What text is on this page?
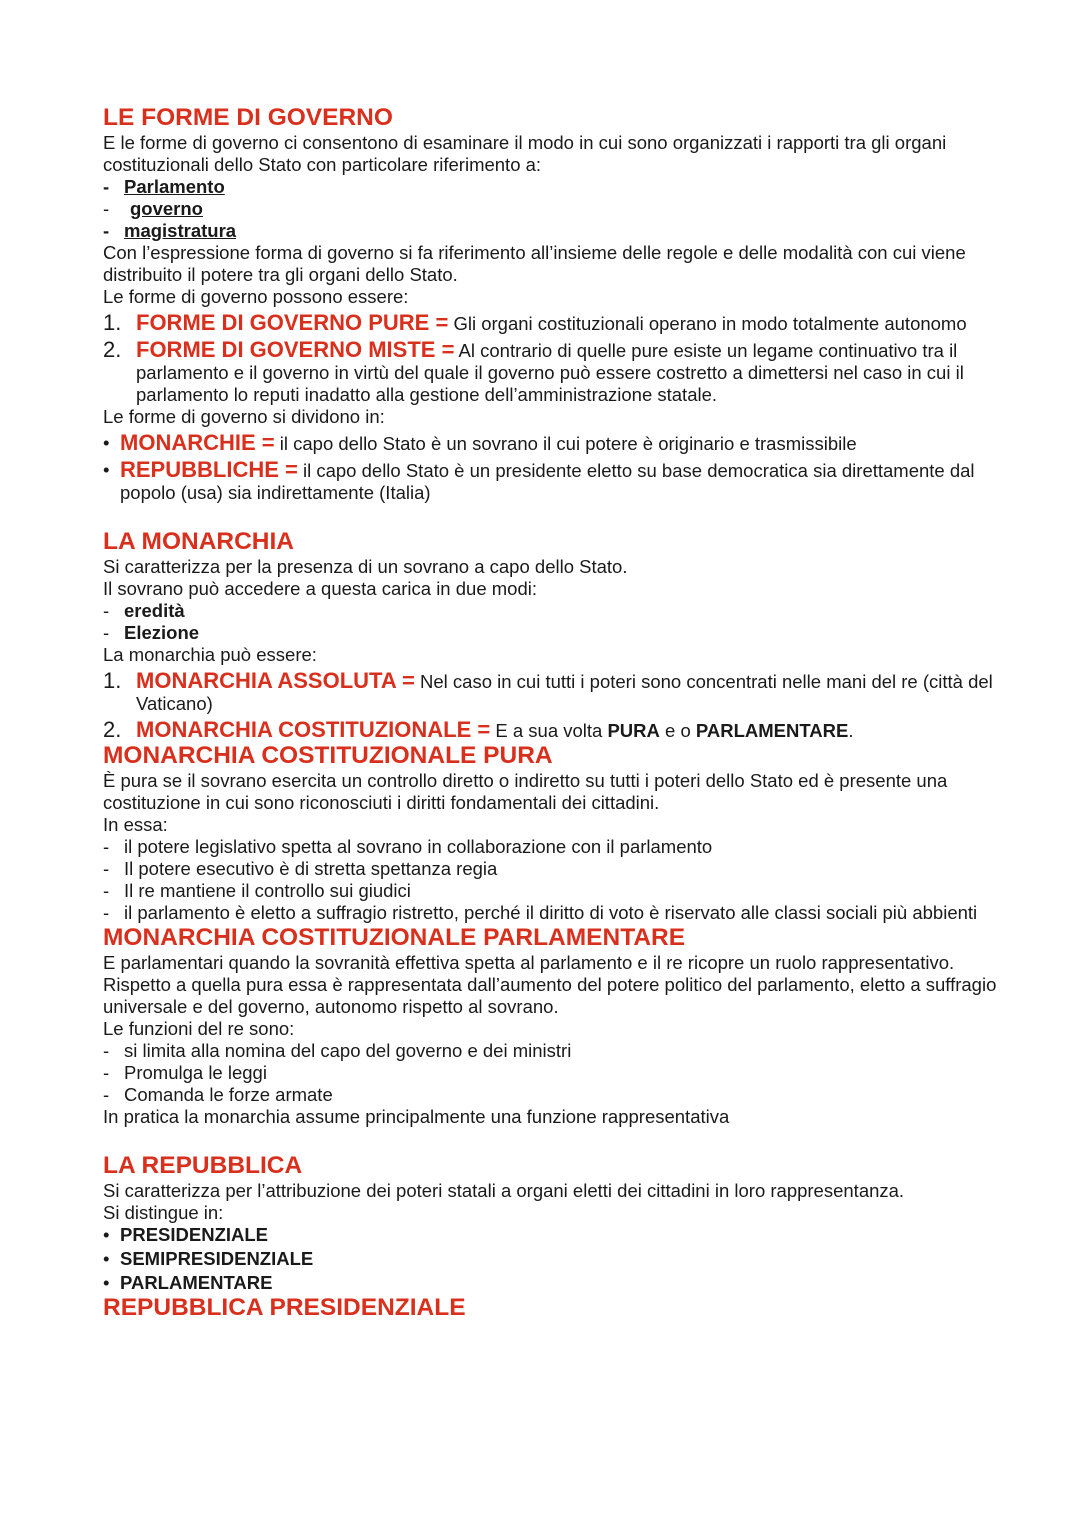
LE FORME DI GOVERNO
E le forme di governo ci consentono di esaminare il modo in cui sono organizzati i rapporti tra gli organi costituzionali dello Stato con particolare riferimento a:
- Parlamento
-	governo
- magistratura
Con l’espressione forma di governo si fa riferimento all’insieme delle regole e delle modalità con cui viene distribuito il potere tra gli organi dello Stato.
Le forme di governo possono essere:
1. FORME DI GOVERNO PURE = Gli organi costituzionali operano in modo totalmente autonomo
2. FORME DI GOVERNO MISTE = Al contrario di quelle pure esiste un legame continuativo tra il parlamento e il governo in virtù del quale il governo può essere costretto a dimettersi nel caso in cui il parlamento lo reputi inadatto alla gestione dell’amministrazione statale.
Le forme di governo si dividono in:
• MONARCHIE = il capo dello Stato è un sovrano il cui potere è originario e trasmissibile
• REPUBBLICHE = il capo dello Stato è un presidente eletto su base democratica sia direttamente dal popolo (usa) sia indirettamente (Italia)
LA MONARCHIA
Si caratterizza per la presenza di un sovrano a capo dello Stato.
Il sovrano può accedere a questa carica in due modi:
- eredità
- Elezione
La monarchia può essere:
1. MONARCHIA ASSOLUTA = Nel caso in cui tutti i poteri sono concentrati nelle mani del re (città del Vaticano)
2. MONARCHIA COSTITUZIONALE = E a sua volta PURA e o PARLAMENTARE.
MONARCHIA COSTITUZIONALE PURA
È pura se il sovrano esercita un controllo diretto o indiretto su tutti i poteri dello Stato ed è presente una costituzione in cui sono riconosciuti i diritti fondamentali dei cittadini.
In essa:
- il potere legislativo spetta al sovrano in collaborazione con il parlamento
- Il potere esecutivo è di stretta spettanza regia
- Il re mantiene il controllo sui giudici
- il parlamento è eletto a suffragio ristretto, perché il diritto di voto è riservato alle classi sociali più abbienti
MONARCHIA COSTITUZIONALE PARLAMENTARE
E parlamentari quando la sovranità effettiva spetta al parlamento e il re ricopre un ruolo rappresentativo.
Rispetto a quella pura essa è rappresentata dall’aumento del potere politico del parlamento, eletto a suffragio universale e del governo, autonomo rispetto al sovrano.
Le funzioni del re sono:
- si limita alla nomina del capo del governo e dei ministri
- Promulga le leggi
- Comanda le forze armate
In pratica la monarchia assume principalmente una funzione rappresentativa
LA REPUBBLICA
Si caratterizza per l’attribuzione dei poteri statali a organi eletti dei cittadini in loro rappresentanza.
Si distingue in:
• PRESIDENZIALE
• SEMIPRESIDENZIALE
• PARLAMENTARE
REPUBBLICA PRESIDENZIALE
